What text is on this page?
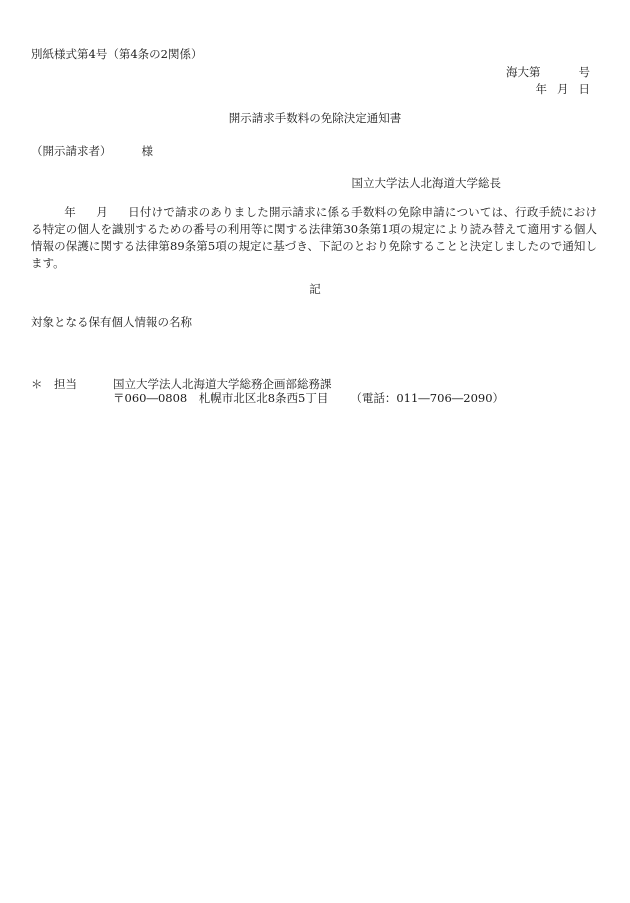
別紙様式第4号（第4条の2関係）
海大第	号
年 月 日
開示請求手数料の免除決定通知書
（開示請求者）	様
国立大学法人北海道大学総長
年 月 日付けで請求のありました開示請求に係る手数料の免除申請については、行政手続における特定の個人を識別するための番号の利用等に関する法律第30条第1項の規定により読み替えて適用する個人情報の保護に関する法律第89条第5項の規定に基づき、下記のとおり免除することと決定しましたので通知します。
記
対象となる保有個人情報の名称
＊ 担当	国立大学法人北海道大学総務企画部総務課
〒060―0808　札幌市北区北8条西5丁目 （電話：011―706―2090）
